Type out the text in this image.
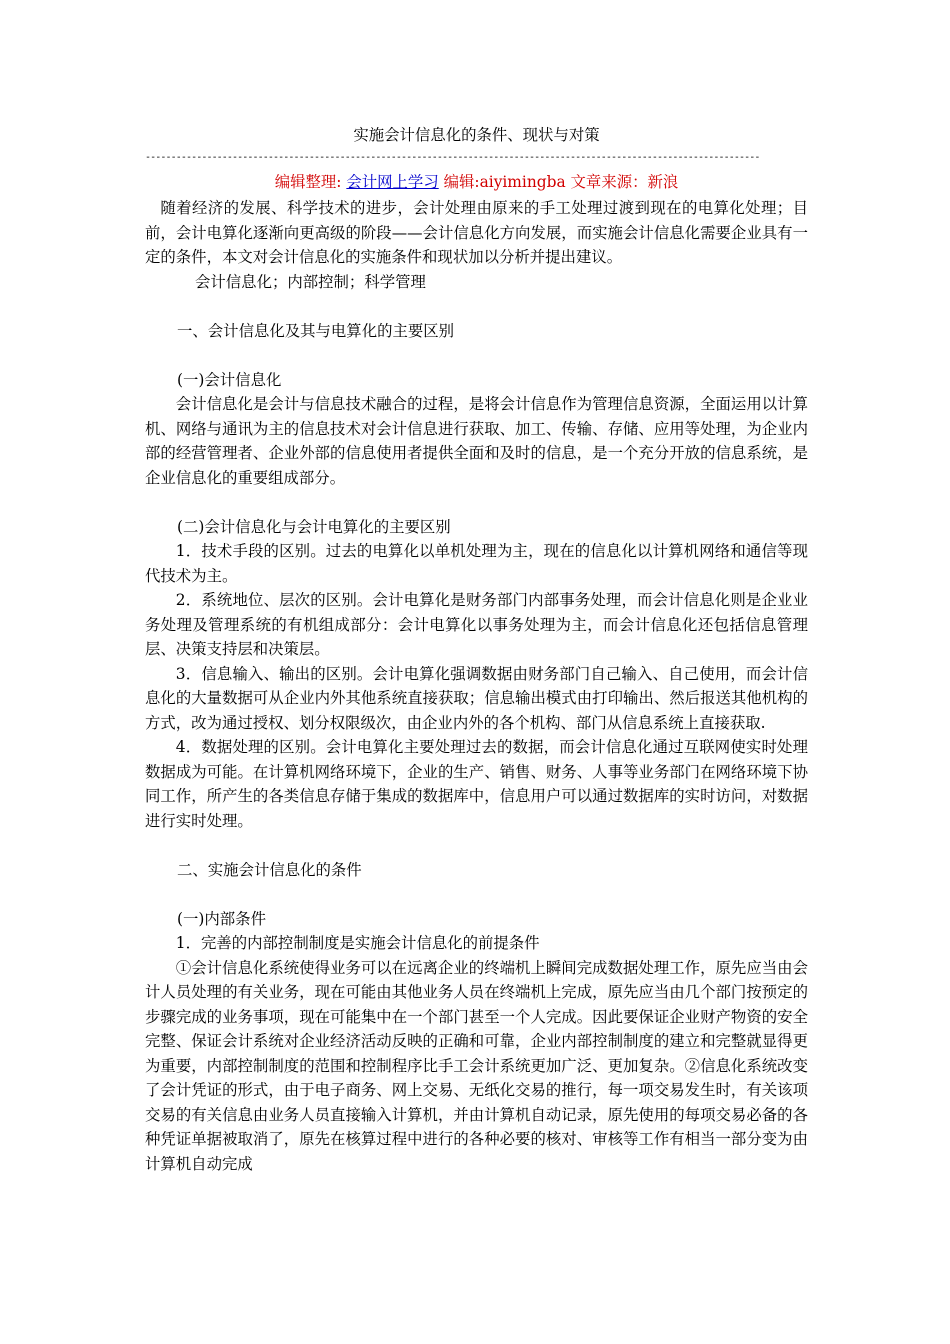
实施会计信息化的条件、现状与对策
------------------------------------------------------------------------------------------------------------------------
编辑整理: 会计网上学习 编辑:aiyimingba 文章来源：新浪

随着经济的发展、科学技术的进步，会计处理由原来的手工处理过渡到现在的电算化处理；目前，会计电算化逐渐向更高级的阶段——会计信息化方向发展，而实施会计信息化需要企业具有一定的条件，本文对会计信息化的实施条件和现状加以分析并提出建议。

会计信息化；内部控制；科学管理

一、会计信息化及其与电算化的主要区别

(一)会计信息化

会计信息化是会计与信息技术融合的过程，是将会计信息作为管理信息资源，全面运用以计算机、网络与通讯为主的信息技术对会计信息进行获取、加工、传输、存储、应用等处理，为企业内部的经营管理者、企业外部的信息使用者提供全面和及时的信息，是一个充分开放的信息系统，是企业信息化的重要组成部分。

(二)会计信息化与会计电算化的主要区别

1．技术手段的区别。过去的电算化以单机处理为主，现在的信息化以计算机网络和通信等现代技术为主。

2．系统地位、层次的区别。会计电算化是财务部门内部事务处理，而会计信息化则是企业业务处理及管理系统的有机组成部分：会计电算化以事务处理为主，而会计信息化还包括信息管理层、决策支持层和决策层。

3．信息输入、输出的区别。会计电算化强调数据由财务部门自己输入、自己使用，而会计信息化的大量数据可从企业内外其他系统直接获取；信息输出模式由打印输出、然后报送其他机构的方式，改为通过授权、划分权限级次，由企业内外的各个机构、部门从信息系统上直接获取.

4．数据处理的区别。会计电算化主要处理过去的数据，而会计信息化通过互联网使实时处理数据成为可能。在计算机网络环境下，企业的生产、销售、财务、人事等业务部门在网络环境下协同工作，所产生的各类信息存储于集成的数据库中，信息用户可以通过数据库的实时访问，对数据进行实时处理。

二、实施会计信息化的条件

(一)内部条件

1．完善的内部控制制度是实施会计信息化的前提条件

①会计信息化系统使得业务可以在远离企业的终端机上瞬间完成数据处理工作，原先应当由会计人员处理的有关业务，现在可能由其他业务人员在终端机上完成，原先应当由几个部门按预定的步骤完成的业务事项，现在可能集中在一个部门甚至一个人完成。因此要保证企业财产物资的安全完整、保证会计系统对企业经济活动反映的正确和可靠，企业内部控制制度的建立和完整就显得更为重要，内部控制制度的范围和控制程序比手工会计系统更加广泛、更加复杂。②信息化系统改变了会计凭证的形式，由于电子商务、网上交易、无纸化交易的推行，每一项交易发生时，有关该项交易的有关信息由业务人员直接输入计算机，并由计算机自动记录，原先使用的每项交易必备的各种凭证单据被取消了，原先在核算过程中进行的各种必要的核对、审核等工作有相当一部分变为由计算机自动完成
